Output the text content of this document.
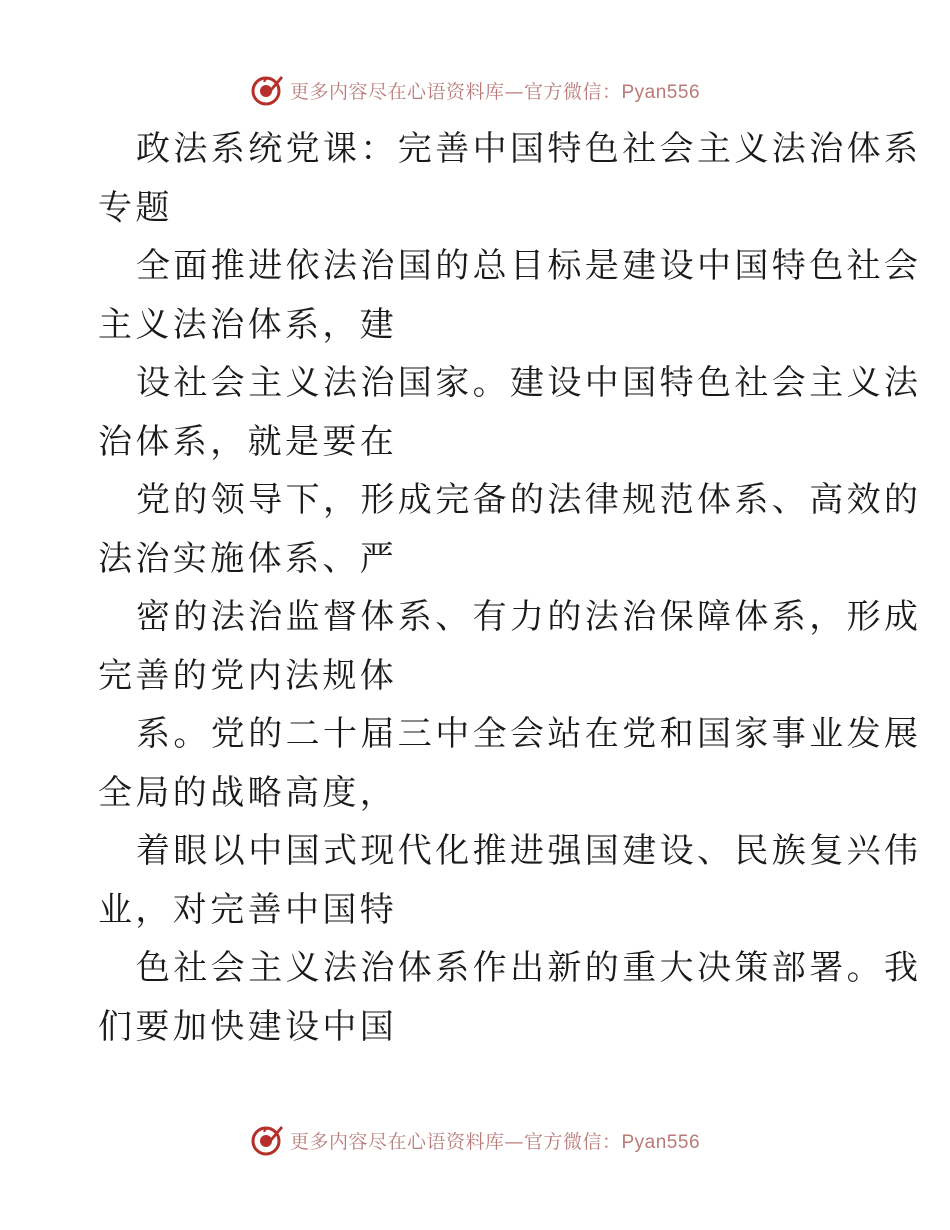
更多内容尽在心语资料库—官方微信：Pyan556
政法系统党课：完善中国特色社会主义法治体系
专题
全面推进依法治国的总目标是建设中国特色社会
主义法治体系，建
设社会主义法治国家。建设中国特色社会主义法
治体系，就是要在
党的领导下，形成完备的法律规范体系、高效的
法治实施体系、严
密的法治监督体系、有力的法治保障体系，形成
完善的党内法规体
系。党的二十届三中全会站在党和国家事业发展
全局的战略高度，
着眼以中国式现代化推进强国建设、民族复兴伟
业，对完善中国特
色社会主义法治体系作出新的重大决策部署。我
们要加快建设中国
更多内容尽在心语资料库—官方微信：Pyan556
